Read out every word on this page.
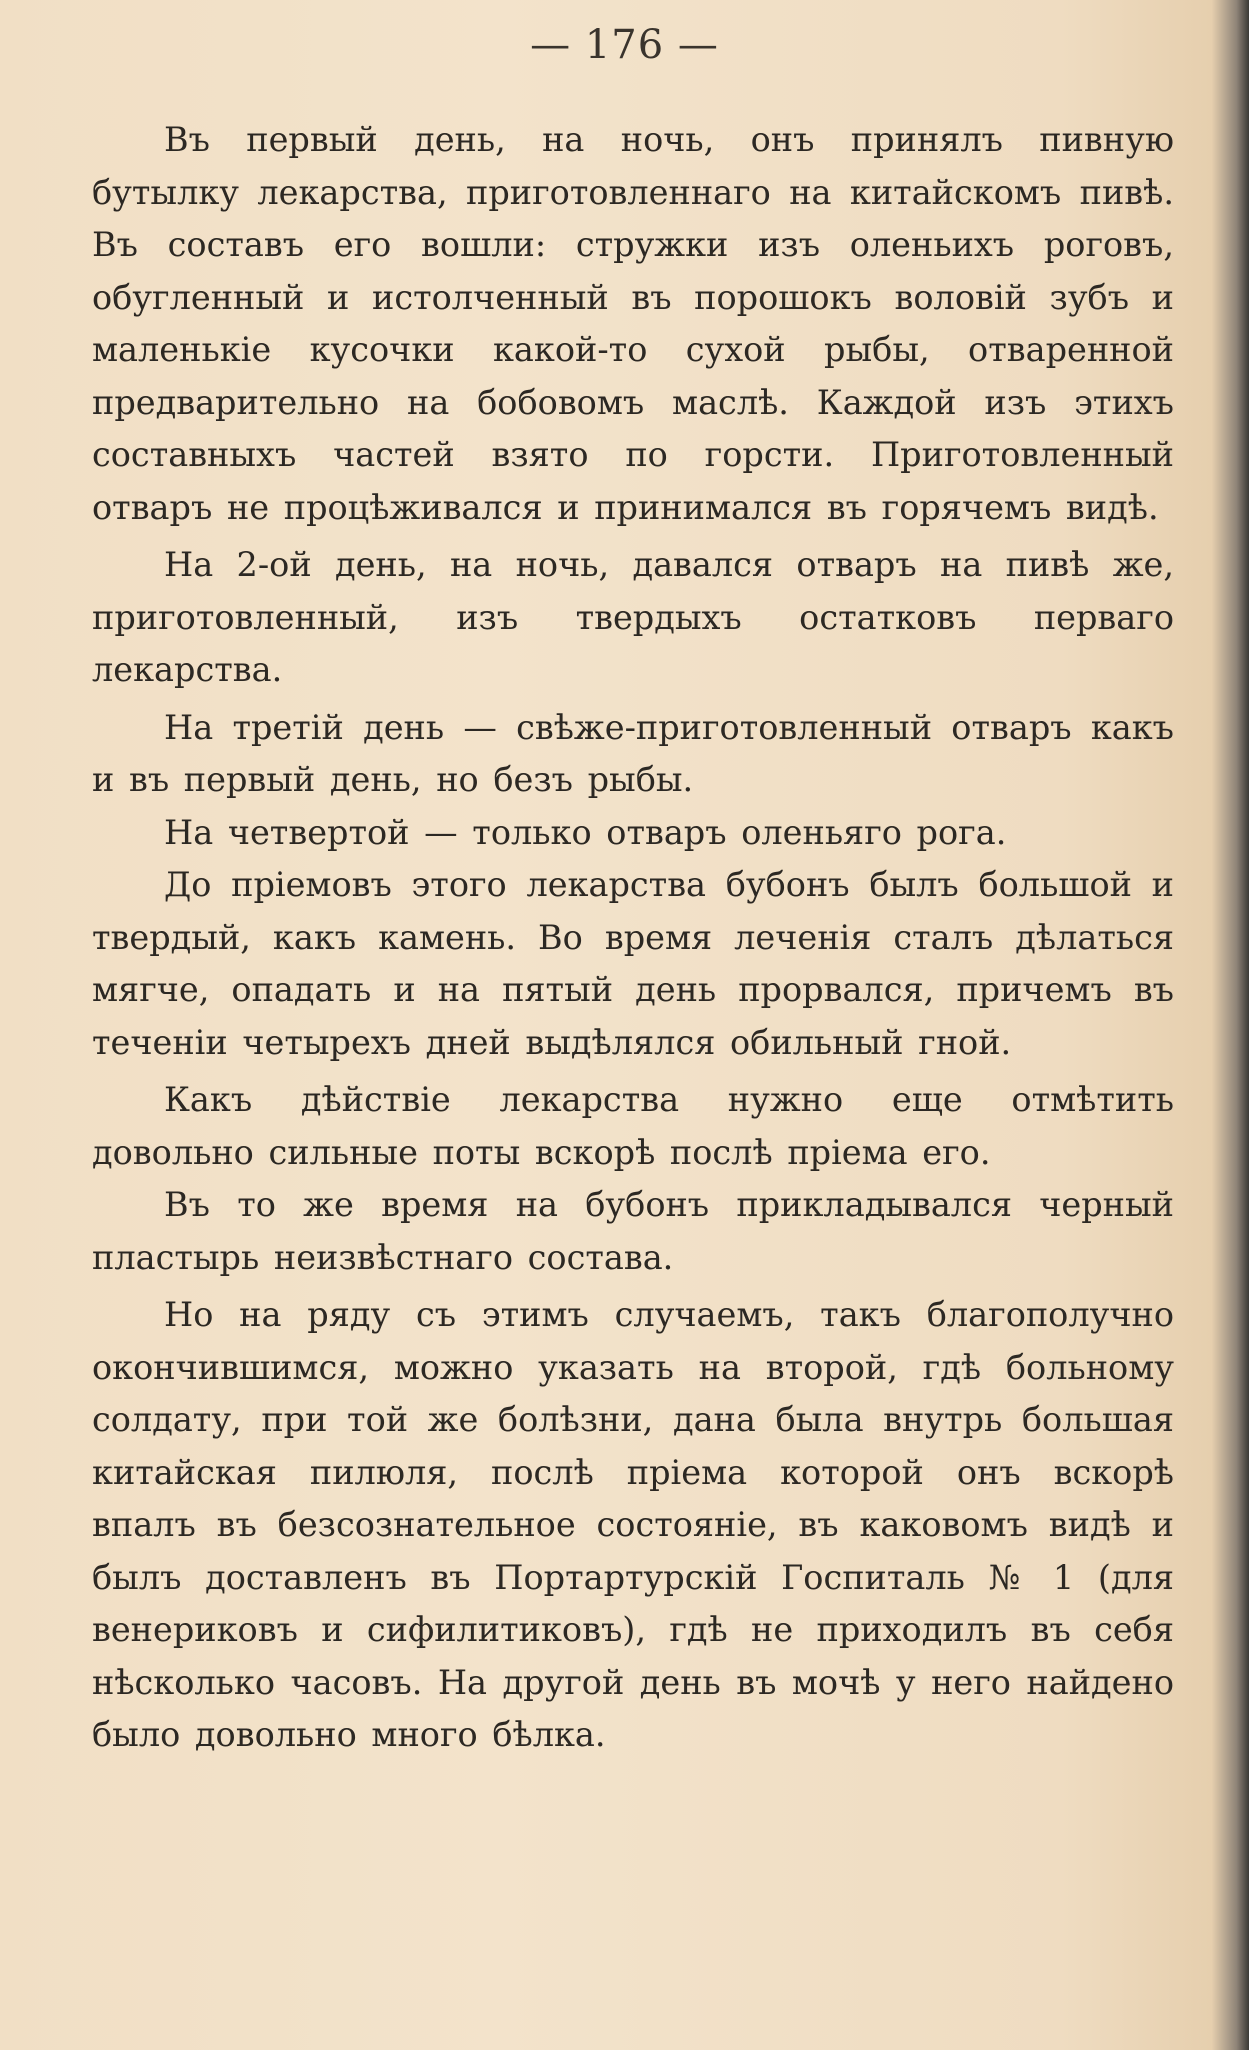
— 176 —

Въ первый день, на ночь, онъ принялъ пивную бутылку лекарства, приготовленнаго на китайскомъ пивѣ. Въ составъ его вошли: стружки изъ оленьихъ роговъ, обугленный и истолченный въ порошокъ воловій зубъ и маленькіе кусочки какой-то сухой рыбы, отваренной предварительно на бобовомъ маслѣ. Каждой изъ этихъ составныхъ частей взято по горсти. Приготовленный отваръ не процѣживался и принимался въ горячемъ видѣ.

На 2-ой день, на ночь, давался отваръ на пивѣ же, приготовленный, изъ твердыхъ остатковъ перваго лекарства.

На третій день — свѣже-приготовленный отваръ какъ и въ первый день, но безъ рыбы.

На четвертой — только отваръ оленьяго рога.

До пріемовъ этого лекарства бубонъ былъ большой и твердый, какъ камень. Во время леченія сталъ дѣлаться мягче, опадать и на пятый день прорвался, причемъ въ теченіи четырехъ дней выдѣлялся обильный гной.

Какъ дѣйствіе лекарства нужно еще отмѣтить довольно сильные поты вскорѣ послѣ пріема его.

Въ то же время на бубонъ прикладывался черный пластырь неизвѣстнаго состава.

Но на ряду съ этимъ случаемъ, такъ благополучно окончившимся, можно указать на второй, гдѣ больному солдату, при той же болѣзни, дана была внутрь большая китайская пилюля, послѣ пріема которой онъ вскорѣ впалъ въ безсознательное состояніе, въ каковомъ видѣ и былъ доставленъ въ Портартурскій Госпиталь № 1 (для венериковъ и сифилитиковъ), гдѣ не приходилъ въ себя нѣсколько часовъ. На другой день въ мочѣ у него найдено было довольно много бѣлка.
